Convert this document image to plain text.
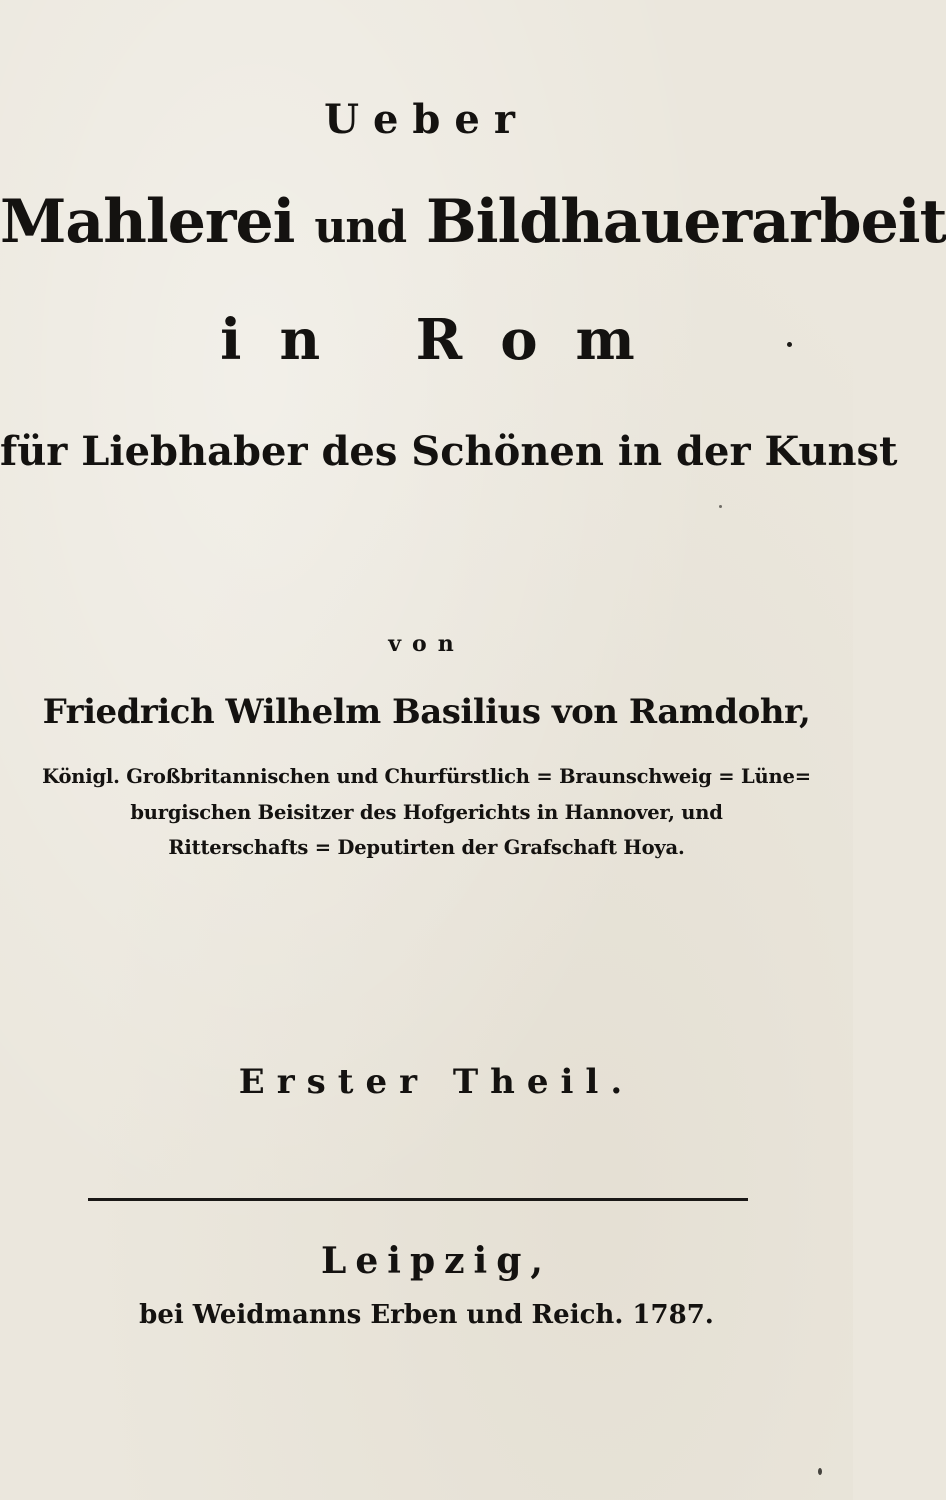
Ueber
Mahlerei und Bildhauerarbeit
in Rom
für Liebhaber des Schönen in der Kunst
von
Friedrich Wilhelm Basilius von Ramdohr,
Königl. Großbritannischen und Churfürstlich = Braunschweig = Lüne=
burgischen Beisitzer des Hofgerichts in Hannover, und
Ritterschafts = Deputirten der Grafschaft Hoya.
Erster Theil.
Leipzig,
bei Weidmanns Erben und Reich. 1787.
